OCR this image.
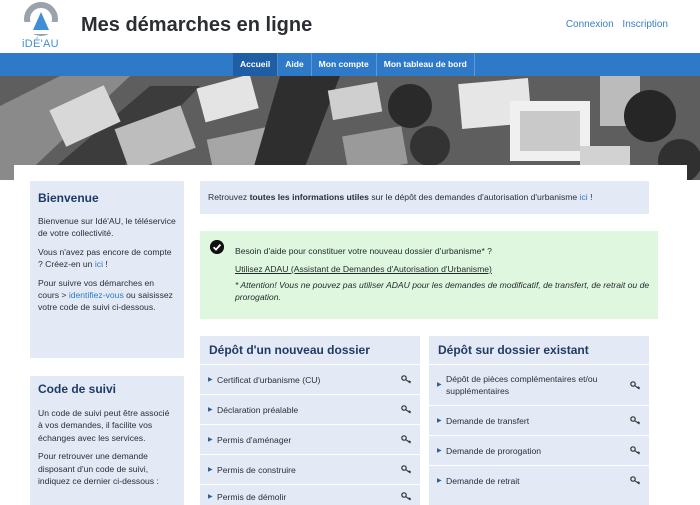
iDÉ'AU
Mes démarches en ligne	Connexion Inscription
Accueil	Aide	Mon compte	Mon tableau de bord
Bienvenue

Bienvenue sur Idé'AU, le téléservice de votre collectivité.

Vous n'avez pas encore de compte ? Créez-en un ici !

Pour suivre vos démarches en cours > identifiez-vous ou saisissez votre code de suivi ci-dessous.

Code de suivi

Un code de suivi peut être associé à vos demandes, il facilite vos échanges avec les services.

Pour retrouver une demande disposant d'un code de suivi, indiquez ce dernier ci-dessous :

Retrouvez toutes les informations utiles sur le dépôt des demandes d'autorisation d'urbanisme ici !
Besoin d'aide pour constituer votre nouveau dossier d'urbanisme* ?
Utilisez ADAU (Assistant de Demandes d'Autorisation d'Urbanisme)
* Attention! Vous ne pouvez pas utiliser ADAU pour les demandes de modificatif, de transfert, de retrait ou de prorogation.
Dépôt d'un nouveau dossier
▶ Certificat d'urbanisme (CU)
▶ Déclaration préalable
▶ Permis d'aménager
▶ Permis de construire
▶ Permis de démolir
Dépôt sur dossier existant
▶
Dépôt de pièces complémentaires et/ou supplémentaires
▶ Demande de transfert
▶ Demande de prorogation
▶ Demande de retrait
